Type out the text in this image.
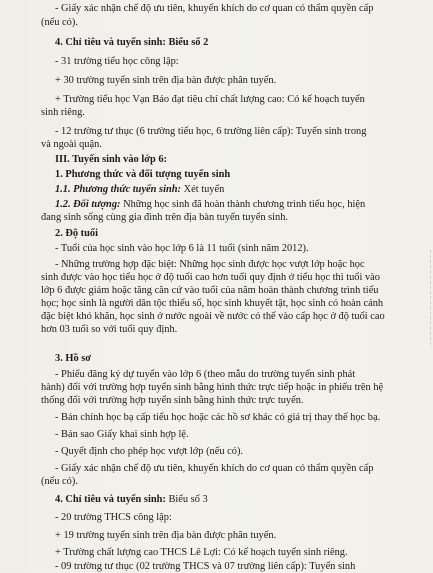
- Giấy xác nhận chế độ ưu tiên, khuyến khích do cơ quan có thẩm quyền cấp
(nếu có).
4. Chỉ tiêu và tuyển sinh: Biểu số 2
- 31 trường tiểu học công lập:
+ 30 trường tuyển sinh trên địa bàn được phân tuyến.
+ Trường tiểu học Vạn Bảo đạt tiêu chí chất lượng cao: Có kế hoạch tuyển
sinh riêng.
- 12 trường tư thục (6 trường tiểu học, 6 trường liên cấp): Tuyển sinh trong
và ngoài quận.
III. Tuyển sinh vào lớp 6:
1. Phương thức và đối tượng tuyển sinh
1.1. Phương thức tuyển sinh: Xét tuyển
1.2. Đối tượng: Những học sinh đã hoàn thành chương trình tiểu học, hiện
đang sinh sống cùng gia đình trên địa bàn tuyển tuyển sinh.
2. Độ tuổi
- Tuổi của học sinh vào học lớp 6 là 11 tuổi (sinh năm 2012).
- Những trường hợp đặc biệt: Những học sinh được học vượt lớp hoặc học
sinh được vào học tiểu học ở độ tuổi cao hơn tuổi quy định ở tiểu học thì tuổi vào
lớp 6 được giảm hoặc tăng căn cứ vào tuổi của năm hoàn thành chương trình tiểu
học; học sinh là người dân tộc thiểu số, học sinh khuyết tật, học sinh có hoàn cảnh
đặc biệt khó khăn, học sinh ở nước ngoài về nước có thể vào cấp học ở độ tuổi cao
hơn 03 tuổi so với tuổi quy định.
3. Hồ sơ
- Phiếu đăng ký dự tuyển vào lớp 6 (theo mẫu do trường tuyển sinh phát
hành) đối với trường hợp tuyển sinh bằng hình thức trực tiếp hoặc in phiếu trên hệ
thống đối với trường hợp tuyển sinh bằng hình thức trực tuyến.
- Bản chính học bạ cấp tiểu học hoặc các hồ sơ khác có giá trị thay thế học bạ.
- Bản sao Giấy khai sinh hợp lệ.
- Quyết định cho phép học vượt lớp (nếu có).
- Giấy xác nhận chế độ ưu tiên, khuyến khích do cơ quan có thẩm quyền cấp
(nếu có).
4. Chỉ tiêu và tuyển sinh: Biểu số 3
- 20 trường THCS công lập:
+ 19 trường tuyển sinh trên địa bàn được phân tuyến.
+ Trường chất lượng cao THCS Lê Lợi: Có kế hoạch tuyển sinh riêng.
- 09 trường tư thục (02 trường THCS và 07 trường liên cấp): Tuyển sinh
